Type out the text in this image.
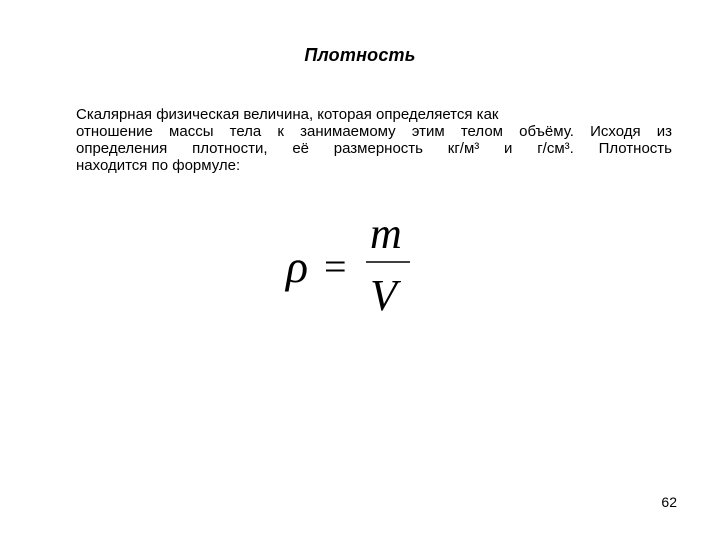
Плотность
Скалярная физическая величина, которая определяется как
отношение массы тела к занимаемому этим телом объёму. Исходя из
определения плотности, её размерность кг/м³ и г/см³. Плотность
находится по формуле:
ρ =
m
V
62
